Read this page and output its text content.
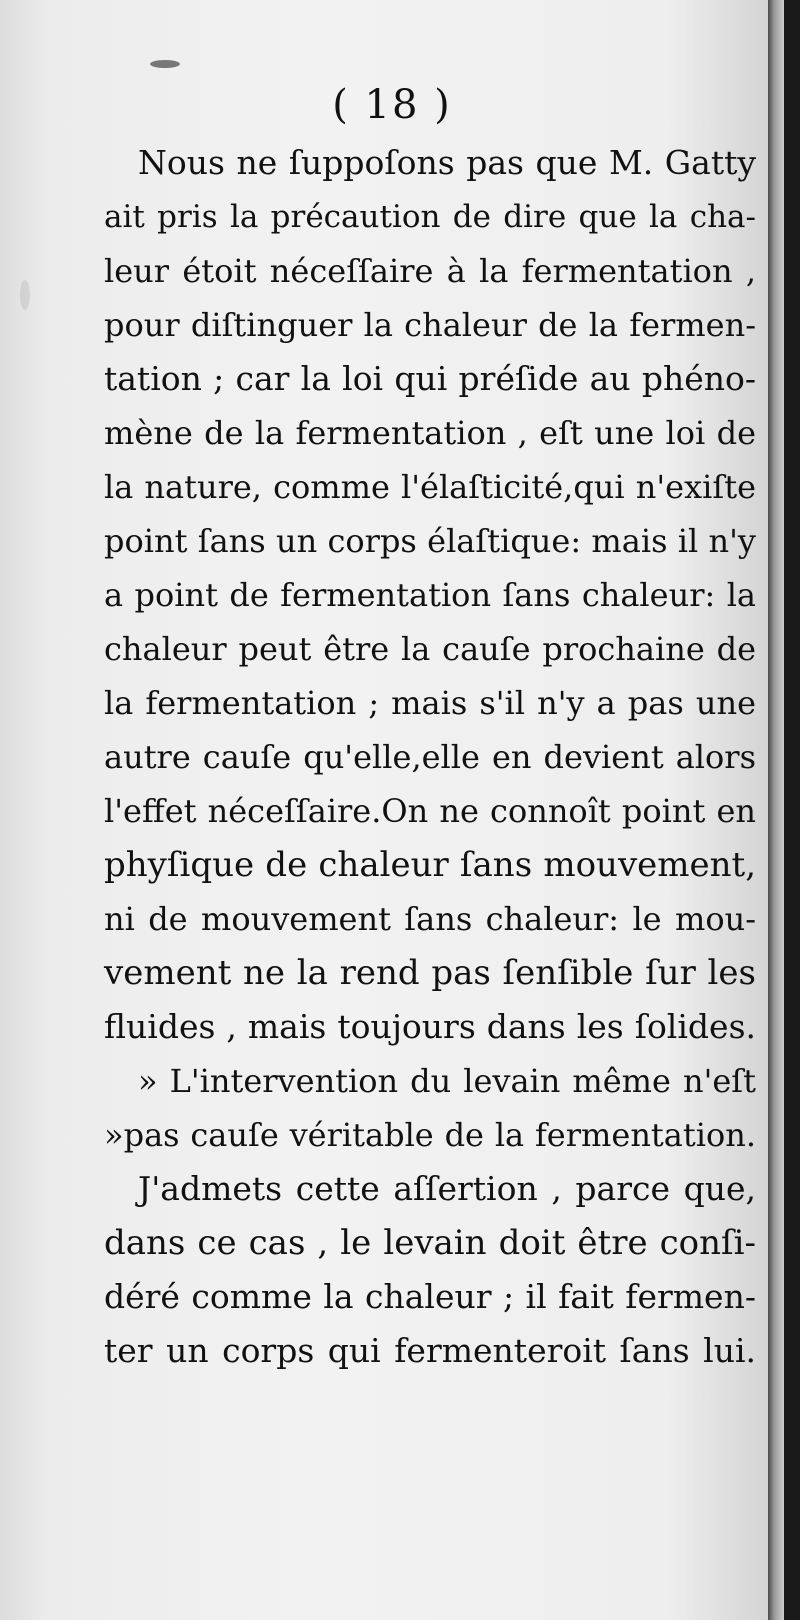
( 18 )
Nous ne ſuppoſons pas que M. Gatty
ait pris la précaution de dire que la cha-
leur étoit néceſſaire à la fermentation ,
pour diſtinguer la chaleur de la fermen-
tation ; car la loi qui préſide au phéno-
mène de la fermentation , eſt une loi de
la nature, comme l'élaſticité,qui n'exiſte
point ſans un corps élaſtique: mais il n'y
a point de fermentation ſans chaleur: la
chaleur peut être la cauſe prochaine de
la fermentation ; mais s'il n'y a pas une
autre cauſe qu'elle,elle en devient alors
l'effet néceſſaire.On ne connoît point en
phyſique de chaleur ſans mouvement,
ni de mouvement ſans chaleur: le mou-
vement ne la rend pas ſenſible ſur les
fluides , mais toujours dans les ſolides.
» L'intervention du levain même n'eſt
»pas cauſe véritable de la fermentation.
J'admets cette aſſertion , parce que,
dans ce cas , le levain doit être conſi-
déré comme la chaleur ; il fait fermen-
ter un corps qui fermenteroit ſans lui.
